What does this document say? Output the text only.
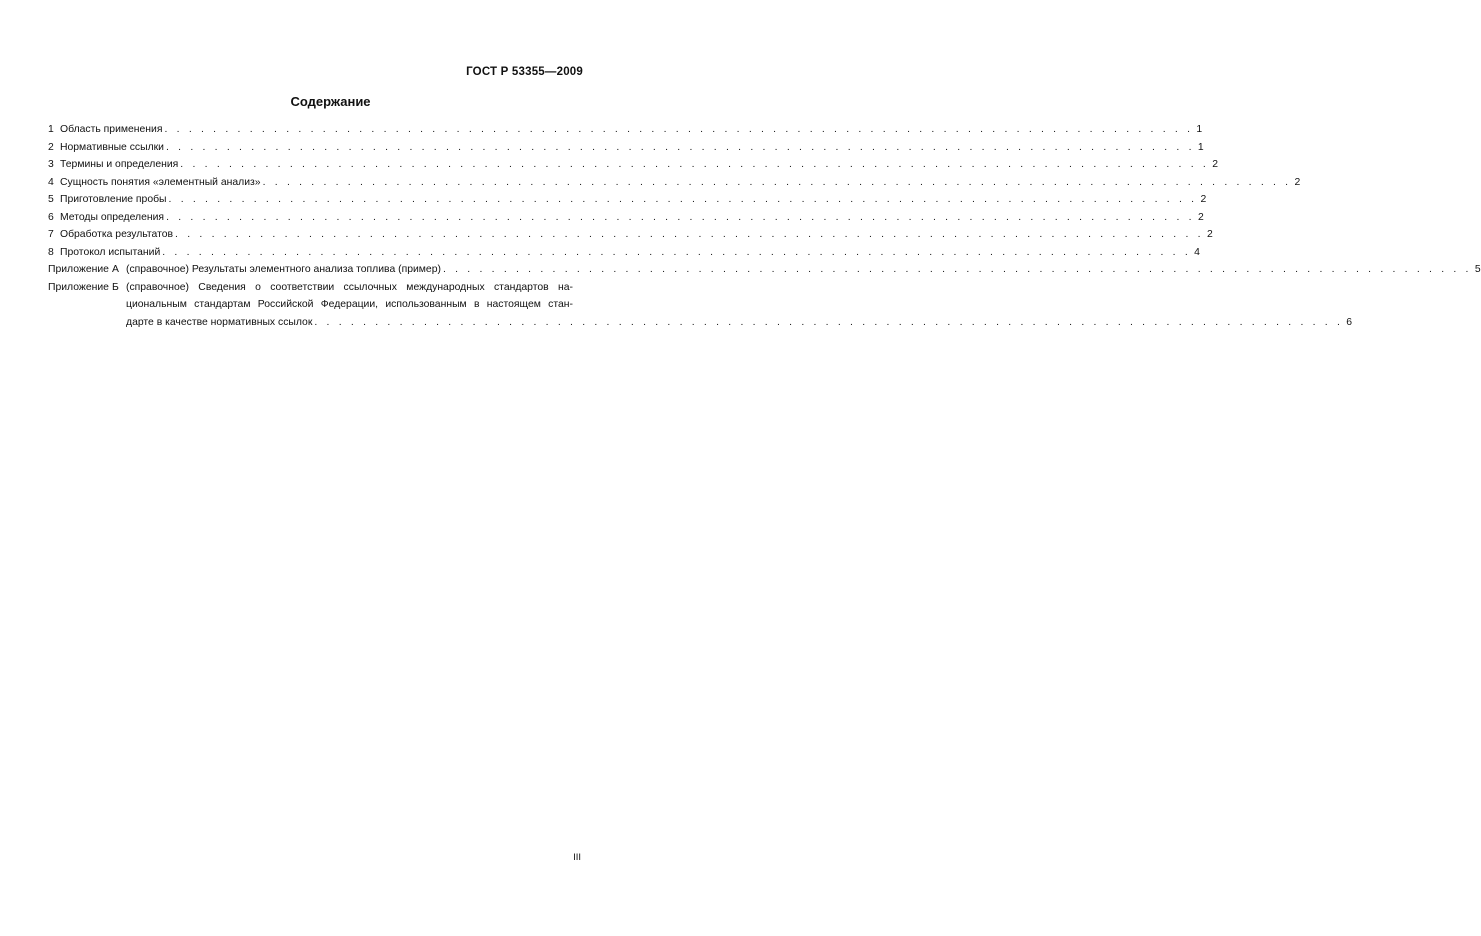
ГОСТ Р 53355—2009
Содержание
1 Область применения . . .	1
2 Нормативные ссылки . . .	1
3 Термины и определения . . .	2
4 Сущность понятия «элементный анализ» . . .	2
5 Приготовление пробы . . .	2
6 Методы определения . . .	2
7 Обработка результатов . . .	2
8 Протокол испытаний . . .	4
Приложение А (справочное) Результаты элементного анализа топлива (пример) . . .	5
Приложение Б (справочное) Сведения о соответствии ссылочных международных стандартов на-
циональным стандартам Российской Федерации, использованным в настоящем стан-
дарте в качестве нормативных ссылок . . .	6
III
